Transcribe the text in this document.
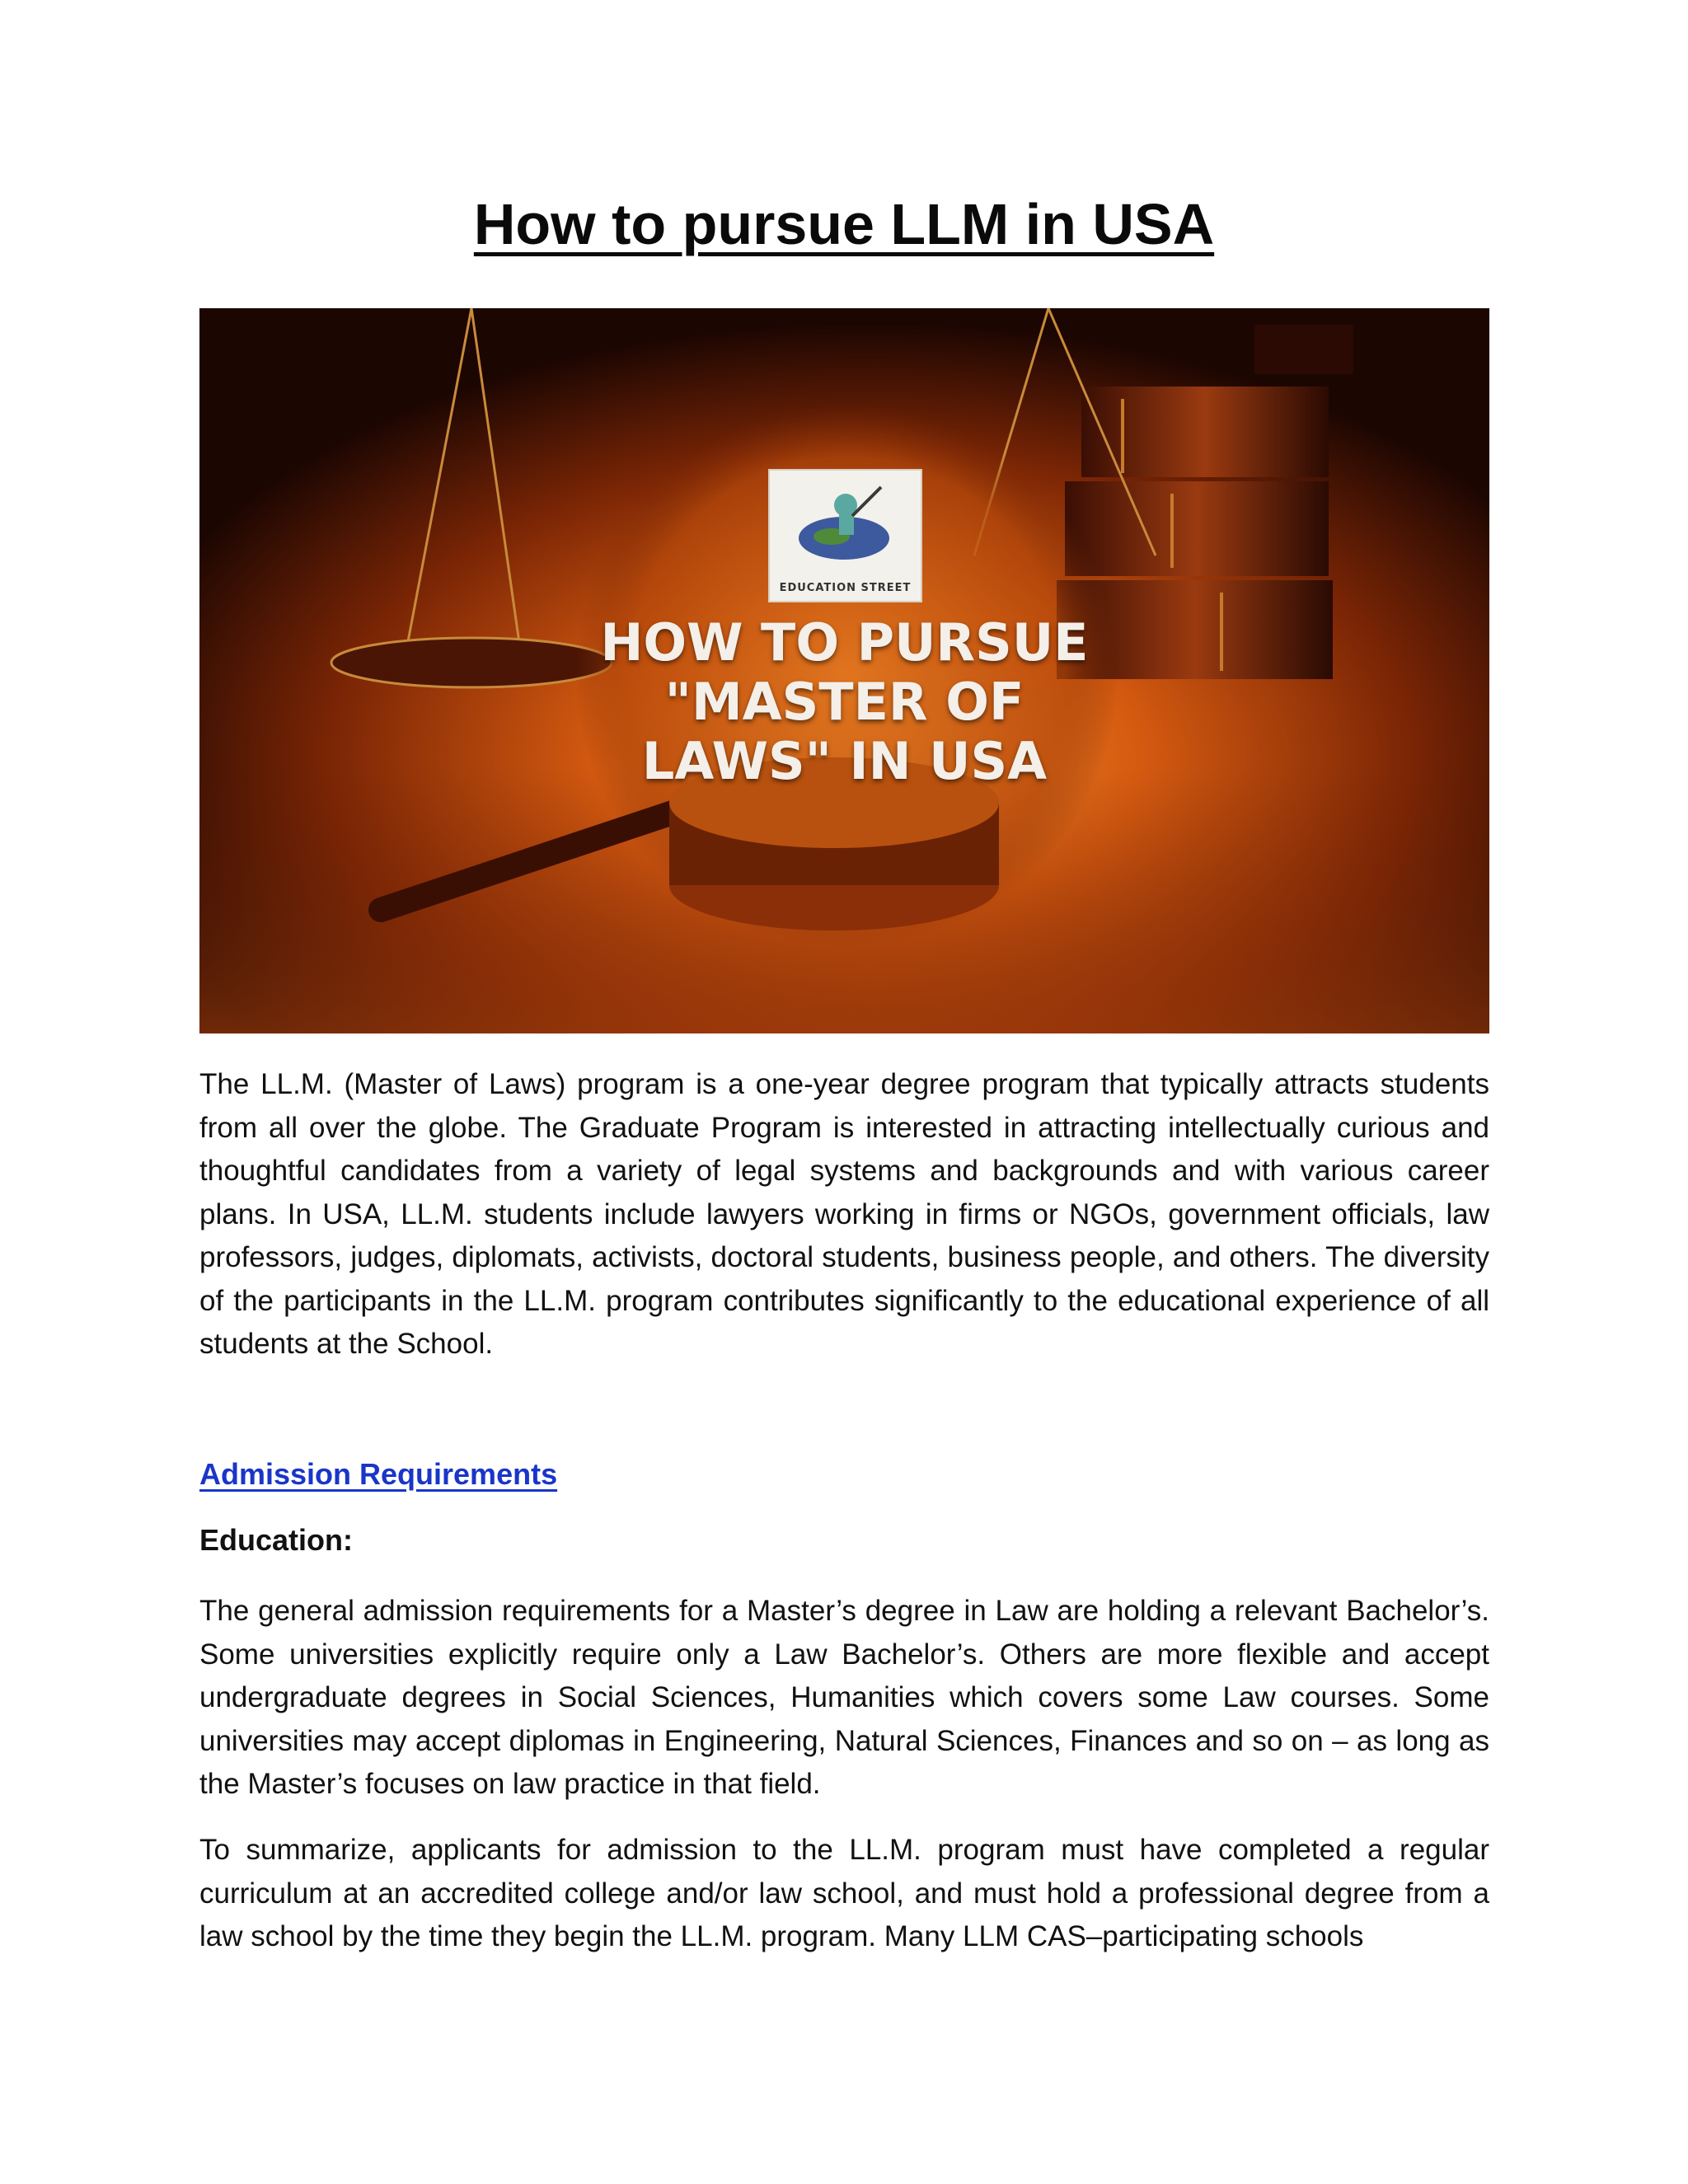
How to pursue LLM in USA
EDUCATION STREET
HOW TO PURSUE
"MASTER OF
LAWS" IN USA

The LL.M. (Master of Laws) program is a one-year degree program that typically attracts students from all over the globe. The Graduate Program is interested in attracting intellectually curious and thoughtful candidates from a variety of legal systems and backgrounds and with various career plans. In USA, LL.M. students include lawyers working in firms or NGOs, government officials, law professors, judges, diplomats, activists, doctoral students, business people, and others. The diversity of the participants in the LL.M. program contributes significantly to the educational experience of all students at the School.

Admission Requirements

Education:

The general admission requirements for a Master’s degree in Law are holding a relevant Bachelor’s. Some universities explicitly require only a Law Bachelor’s. Others are more flexible and accept undergraduate degrees in Social Sciences, Humanities which covers some Law courses. Some universities may accept diplomas in Engineering, Natural Sciences, Finances and so on – as long as the Master’s focuses on law practice in that field.

To summarize, applicants for admission to the LL.M. program must have completed a regular curriculum at an accredited college and/or law school, and must hold a professional degree from a law school by the time they begin the LL.M. program. Many LLM CAS–participating schools
